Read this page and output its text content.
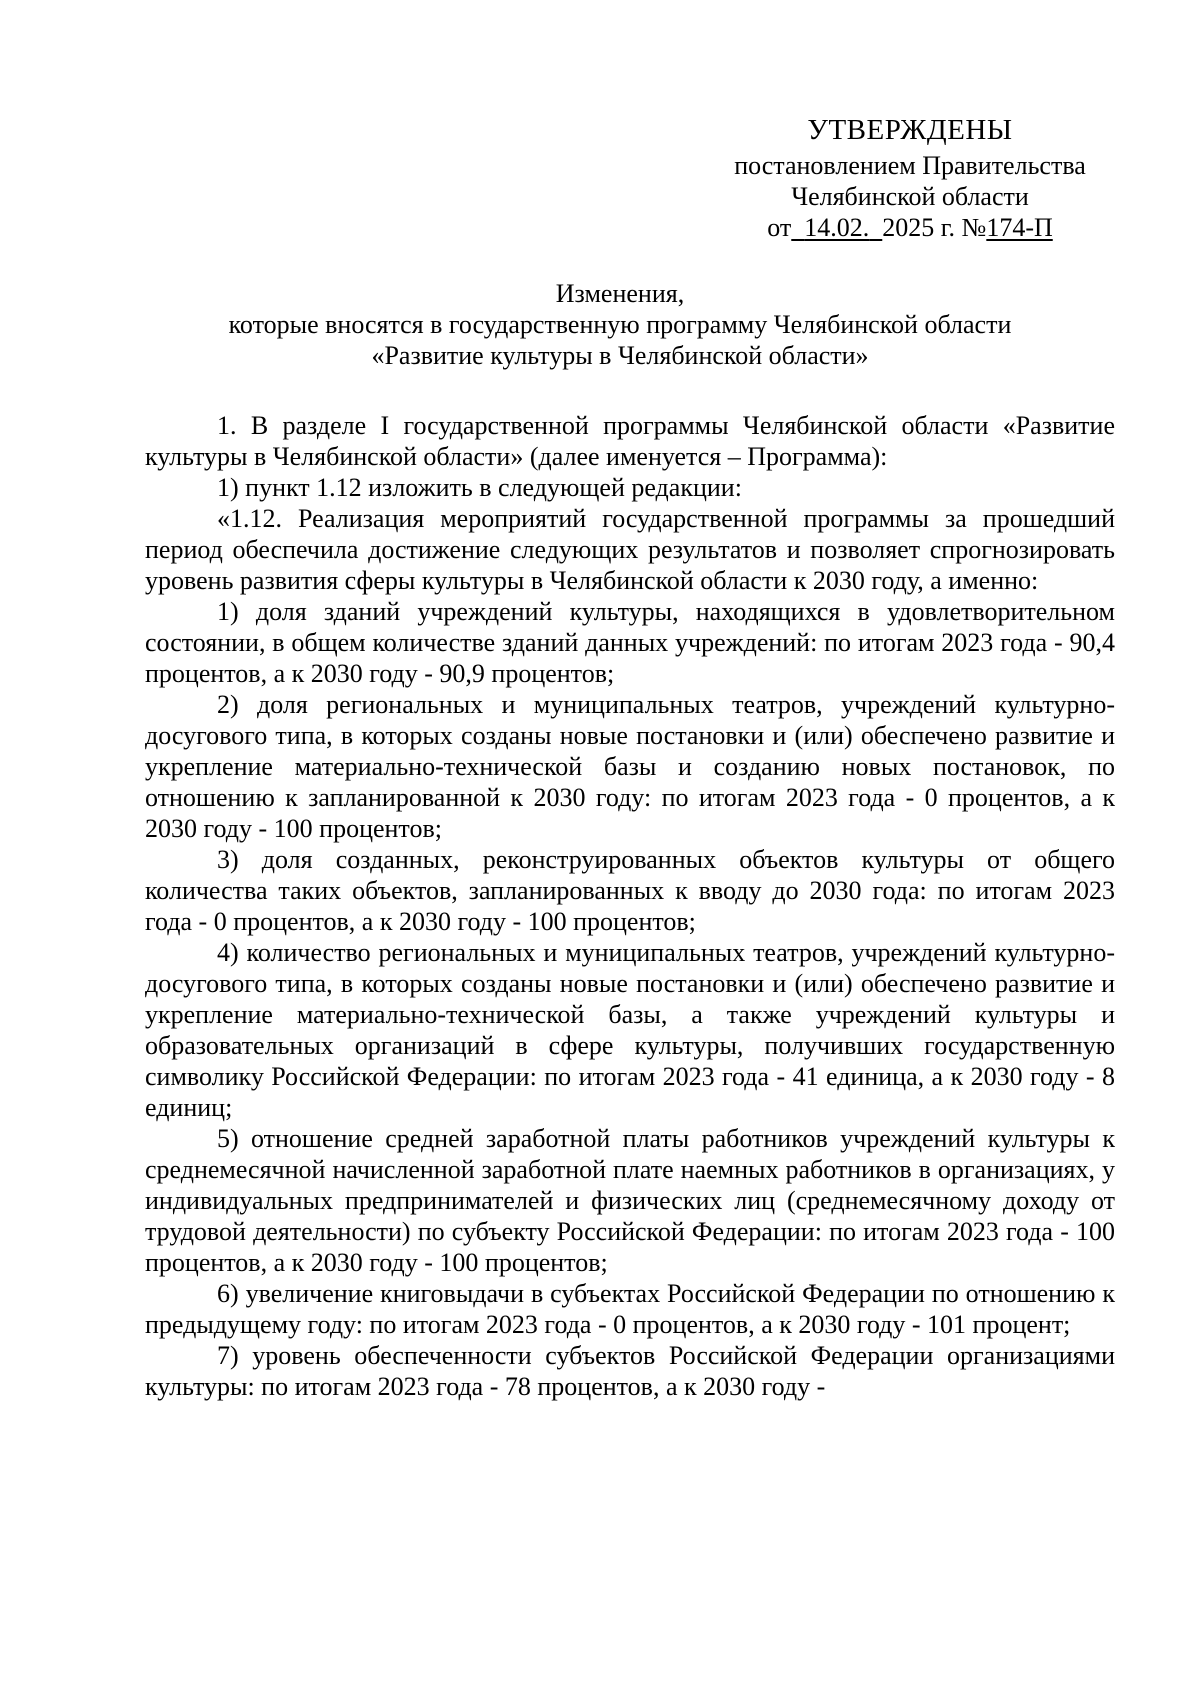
УТВЕРЖДЕНЫ
постановлением Правительства
Челябинской области
от 14.02. 2025 г. №174-П
Изменения,
которые вносятся в государственную программу Челябинской области
«Развитие культуры в Челябинской области»

1. В разделе I государственной программы Челябинской области «Развитие культуры в Челябинской области» (далее именуется – Программа):

1) пункт 1.12 изложить в следующей редакции:

«1.12. Реализация мероприятий государственной программы за прошедший период обеспечила достижение следующих результатов и позволяет спрогнозировать уровень развития сферы культуры в Челябинской области к 2030 году, а именно:

1) доля зданий учреждений культуры, находящихся в удовлетворительном состоянии, в общем количестве зданий данных учреждений: по итогам 2023 года - 90,4 процентов, а к 2030 году - 90,9 процентов;

2) доля региональных и муниципальных театров, учреждений культурно-досугового типа, в которых созданы новые постановки и (или) обеспечено развитие и укрепление материально-технической базы и созданию новых постановок, по отношению к запланированной к 2030 году: по итогам 2023 года - 0 процентов, а к 2030 году - 100 процентов;

3) доля созданных, реконструированных объектов культуры от общего количества таких объектов, запланированных к вводу до 2030 года: по итогам 2023 года - 0 процентов, а к 2030 году - 100 процентов;

4) количество региональных и муниципальных театров, учреждений культурно-досугового типа, в которых созданы новые постановки и (или) обеспечено развитие и укрепление материально-технической базы, а также учреждений культуры и образовательных организаций в сфере культуры, получивших государственную символику Российской Федерации: по итогам 2023 года - 41 единица, а к 2030 году - 8 единиц;

5) отношение средней заработной платы работников учреждений культуры к среднемесячной начисленной заработной плате наемных работников в организациях, у индивидуальных предпринимателей и физических лиц (среднемесячному доходу от трудовой деятельности) по субъекту Российской Федерации: по итогам 2023 года - 100 процентов, а к 2030 году - 100 процентов;

6) увеличение книговыдачи в субъектах Российской Федерации по отношению к предыдущему году: по итогам 2023 года - 0 процентов, а к 2030 году - 101 процент;

7) уровень обеспеченности субъектов Российской Федерации организациями культуры: по итогам 2023 года - 78 процентов, а к 2030 году -
